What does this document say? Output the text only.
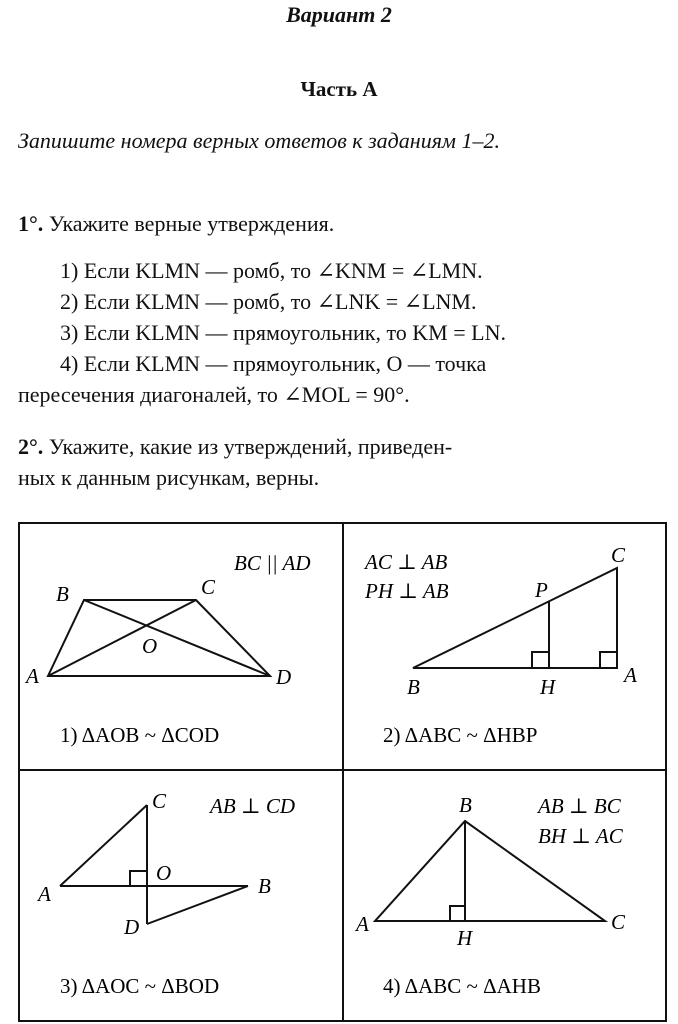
Вариант 2
Часть А
Запишите номера верных ответов к заданиям 1–2.
1°. Укажите верные утверждения.
1) Если KLMN — ромб, то ∠KNM = ∠LMN.
2) Если KLMN — ромб, то ∠LNK = ∠LNM.
3) Если KLMN — прямоугольник, то KM = LN.
4) Если KLMN — прямоугольник, O — точка
пересечения диагоналей, то ∠MOL = 90°.
2°. Укажите, какие из утверждений, приведен-
ных к данным рисункам, верны.
BC || AD
B	C
O
A	D
1) ΔAOB ~ ΔCOD
AC ⊥ AB
PH ⊥ AB
C
P
B	H	A
2) ΔABC ~ ΔHBP
AB ⊥ CD
C
O
A	B
D
3) ΔAOC ~ ΔBOD
AB ⊥ BC
BH ⊥ AC
B
A
H
C
4) ΔABC ~ ΔAHB
